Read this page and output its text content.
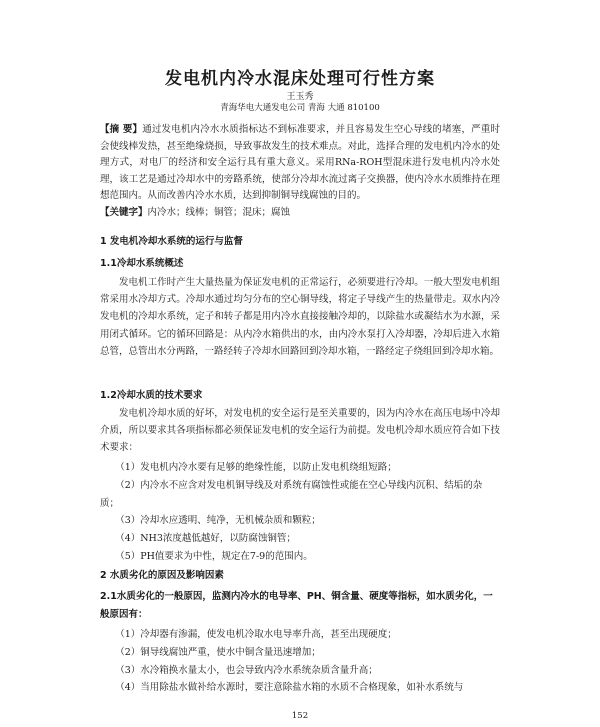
发电机内冷水混床处理可行性方案
王玉秀
青海华电大通发电公司 青海 大通 810100
【摘 要】通过发电机内冷水水质指标达不到标准要求，并且容易发生空心导线的堵塞，严重时会使线棒发热，甚至绝缘烧损，导致事故发生的技术难点。对此，选择合理的发电机内冷水的处理方式，对电厂的经济和安全运行具有重大意义。采用RNa-ROH型混床进行发电机内冷水处理，该工艺是通过冷却水中的旁路系统，使部分冷却水流过离子交换器，使内冷水水质维持在理想范围内。从而改善内冷水水质，达到抑制铜导线腐蚀的目的。
【关键字】内冷水；线棒；铜管；混床；腐蚀
1 发电机冷却水系统的运行与监督
1.1冷却水系统概述
发电机工作时产生大量热量为保证发电机的正常运行，必须要进行冷却。一般大型发电机组常采用水冷却方式。冷却水通过均匀分布的空心铜导线，将定子导线产生的热量带走。双水内冷发电机的冷却水系统，定子和转子都是用内冷水直接接触冷却的，以除盐水或凝结水为水源，采用闭式循环。它的循环回路是：从内冷水箱供出的水，由内冷水泵打入冷却器，冷却后进入水箱总管，总管出水分两路，一路经转子冷却水回路回到冷却水箱，一路经定子绕组回到冷却水箱。
1.2冷却水质的技术要求
发电机冷却水质的好坏，对发电机的安全运行是至关重要的，因为内冷水在高压电场中冷却介质，所以要求其各项指标都必须保证发电机的安全运行为前提。发电机冷却水质应符合如下技术要求：
（1）发电机内冷水要有足够的绝缘性能，以防止发电机绕组短路；
（2）内冷水不应含对发电机铜导线及对系统有腐蚀性或能在空心导线内沉积、结垢的杂质；
（3）冷却水应透明、纯净，无机械杂质和颗粒；
（4）NH3浓度越低越好，以防腐蚀铜管；
（5）PH值要求为中性，规定在7-9的范围内。
2 水质劣化的原因及影响因素
2.1水质劣化的一般原因，监测内冷水的电导率、PH、铜含量、硬度等指标，如水质劣化，一般原因有：
（1）冷却器有渗漏，使发电机冷取水电导率升高，甚至出现硬度；
（2）铜导线腐蚀严重，使水中铜含量迅速增加；
（3）水冷箱换水量太小，也会导致内冷水系统杂质含量升高；
（4）当用除盐水做补给水源时，要注意除盐水箱的水质不合格现象，如补水系统与
152
